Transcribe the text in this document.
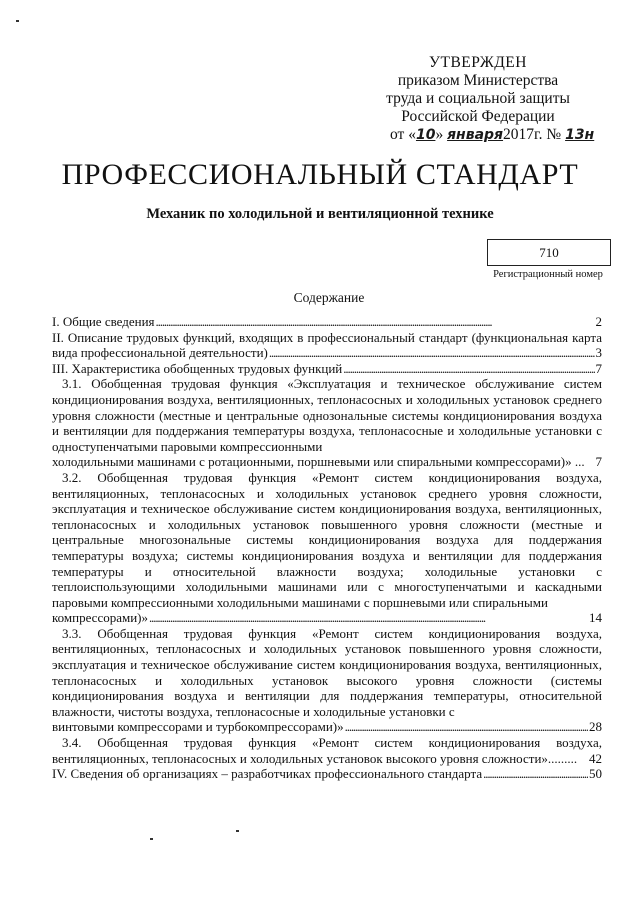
УТВЕРЖДЕН
приказом Министерства
труда и социальной защиты
Российской Федерации
от «10» января2017г. № 13н
ПРОФЕССИОНАЛЬНЫЙ СТАНДАРТ
Механик по холодильной и вентиляционной технике
710
Регистрационный номер
Содержание
I. Общие сведения . . .	2
II. Описание трудовых функций, входящих в профессиональный стандарт (функциональная карта
вида профессиональной деятельности) . . .	3
III. Характеристика обобщенных трудовых функций . . .	7
3.1. Обобщенная трудовая функция «Эксплуатация и техническое обслуживание систем кондиционирования воздуха, вентиляционных, теплонасосных и холодильных установок среднего уровня сложности (местные и центральные однозональные системы кондиционирования воздуха и вентиляции для поддержания температуры воздуха, теплонасосные и холодильные установки с одноступенчатыми паровыми компрессионными
холодильными машинами с ротационными, поршневыми или спиральными компрессорами)» ... 7
3.2. Обобщенная трудовая функция «Ремонт систем кондиционирования воздуха, вентиляционных, теплонасосных и холодильных установок среднего уровня сложности, эксплуатация и техническое обслуживание систем кондиционирования воздуха, вентиляционных, теплонасосных и холодильных установок повышенного уровня сложности (местные и центральные многозональные системы кондиционирования воздуха для поддержания температуры воздуха; системы кондиционирования воздуха и вентиляции для поддержания температуры и относительной влажности воздуха; холодильные установки с теплоиспользующими холодильными машинами или с многоступенчатыми и каскадными паровыми компрессионными холодильными машинами с поршневыми или спиральными
компрессорами)» . . .	14
3.3. Обобщенная трудовая функция «Ремонт систем кондиционирования воздуха, вентиляционных, теплонасосных и холодильных установок повышенного уровня сложности, эксплуатация и техническое обслуживание систем кондиционирования воздуха, вентиляционных, теплонасосных и холодильных установок высокого уровня сложности (системы кондиционирования воздуха и вентиляции для поддержания температуры, относительной влажности, чистоты воздуха, теплонасосные и холодильные установки с
винтовыми компрессорами и турбокомпрессорами)» . . .	28
3.4. Обобщенная трудовая функция «Ремонт систем кондиционирования воздуха,
вентиляционных, теплонасосных и холодильных установок высокого уровня сложности»......... 42
IV. Сведения об организациях – разработчиках профессионального стандарта . . .	50
